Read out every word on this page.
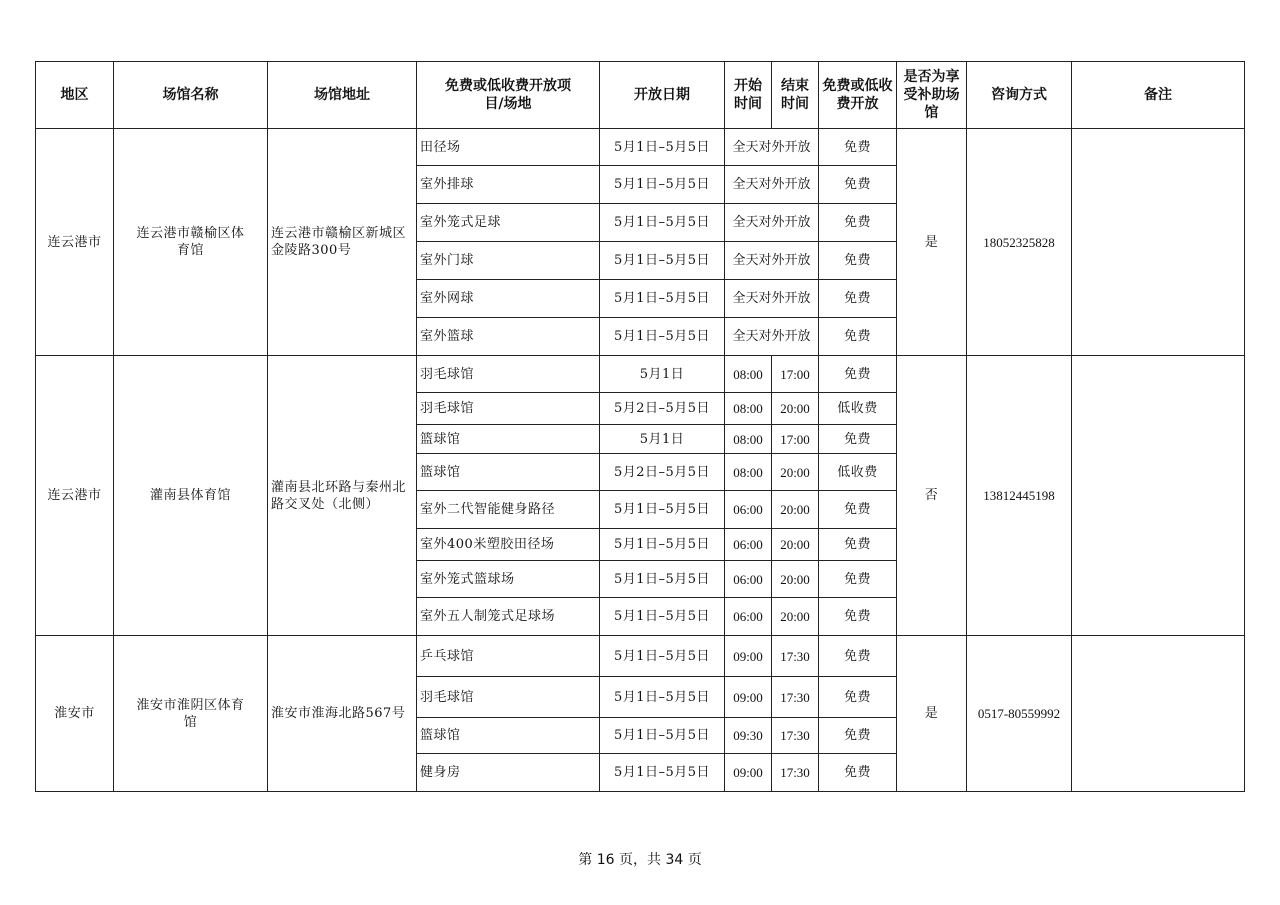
地区	场馆名称	场馆地址	免费或低收费开放项目/场地	开放日期	开始时间	结束时间	免费或低收费开放	是否为享受补助场馆	咨询方式	备注
连云港市	连云港市赣榆区体育馆	连云港市赣榆区新城区金陵路300号	田径场	5月1日–5月5日	全天对外开放		免费	是	18052325828	
			室外排球	5月1日–5月5日	全天对外开放		免费			
			室外笼式足球	5月1日–5月5日	全天对外开放		免费			
			室外门球	5月1日–5月5日	全天对外开放		免费			
			室外网球	5月1日–5月5日	全天对外开放		免费			
			室外篮球	5月1日–5月5日	全天对外开放		免费			
连云港市	灌南县体育馆	灌南县北环路与秦州北路交叉处（北侧）	羽毛球馆	5月1日	08:00	17:00	免费	否	13812445198	
			羽毛球馆	5月2日–5月5日	08:00	20:00	低收费			
			篮球馆	5月1日	08:00	17:00	免费			
			篮球馆	5月2日–5月5日	08:00	20:00	低收费			
			室外二代智能健身路径	5月1日–5月5日	06:00	20:00	免费			
			室外400米塑胶田径场	5月1日–5月5日	06:00	20:00	免费			
			室外笼式篮球场	5月1日–5月5日	06:00	20:00	免费			
			室外五人制笼式足球场	5月1日–5月5日	06:00	20:00	免费			
淮安市	淮安市淮阴区体育馆	淮安市淮海北路567号	乒乓球馆	5月1日–5月5日	09:00	17:30	免费	是	0517-80559992	
			羽毛球馆	5月1日–5月5日	09:00	17:30	免费			
			篮球馆	5月1日–5月5日	09:30	17:30	免费			
			健身房	5月1日–5月5日	09:00	17:30	免费			
第 16 页，共 34 页
